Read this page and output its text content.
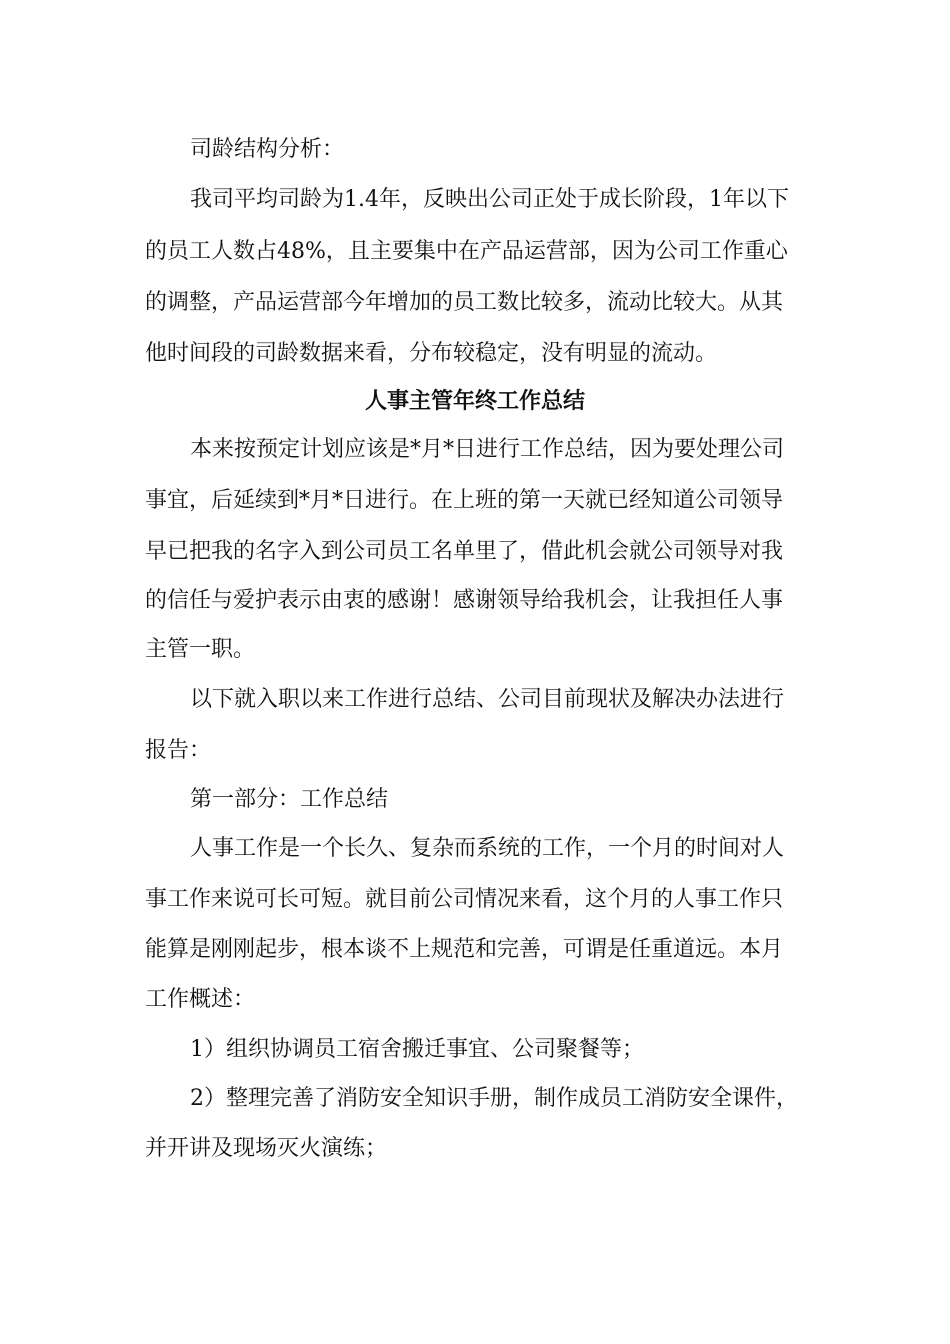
司龄结构分析：
我司平均司龄为1.4年，反映出公司正处于成长阶段，1年以下
的员工人数占48%，且主要集中在产品运营部，因为公司工作重心
的调整，产品运营部今年增加的员工数比较多，流动比较大。从其
他时间段的司龄数据来看，分布较稳定，没有明显的流动。
人事主管年终工作总结
本来按预定计划应该是*月*日进行工作总结，因为要处理公司
事宜，后延续到*月*日进行。在上班的第一天就已经知道公司领导
早已把我的名字入到公司员工名单里了，借此机会就公司领导对我
的信任与爱护表示由衷的感谢！感谢领导给我机会，让我担任人事
主管一职。
以下就入职以来工作进行总结、公司目前现状及解决办法进行
报告：
第一部分：工作总结
人事工作是一个长久、复杂而系统的工作，一个月的时间对人
事工作来说可长可短。就目前公司情况来看，这个月的人事工作只
能算是刚刚起步，根本谈不上规范和完善，可谓是任重道远。本月
工作概述：
1）组织协调员工宿舍搬迁事宜、公司聚餐等；
2）整理完善了消防安全知识手册，制作成员工消防安全课件，
并开讲及现场灭火演练；
